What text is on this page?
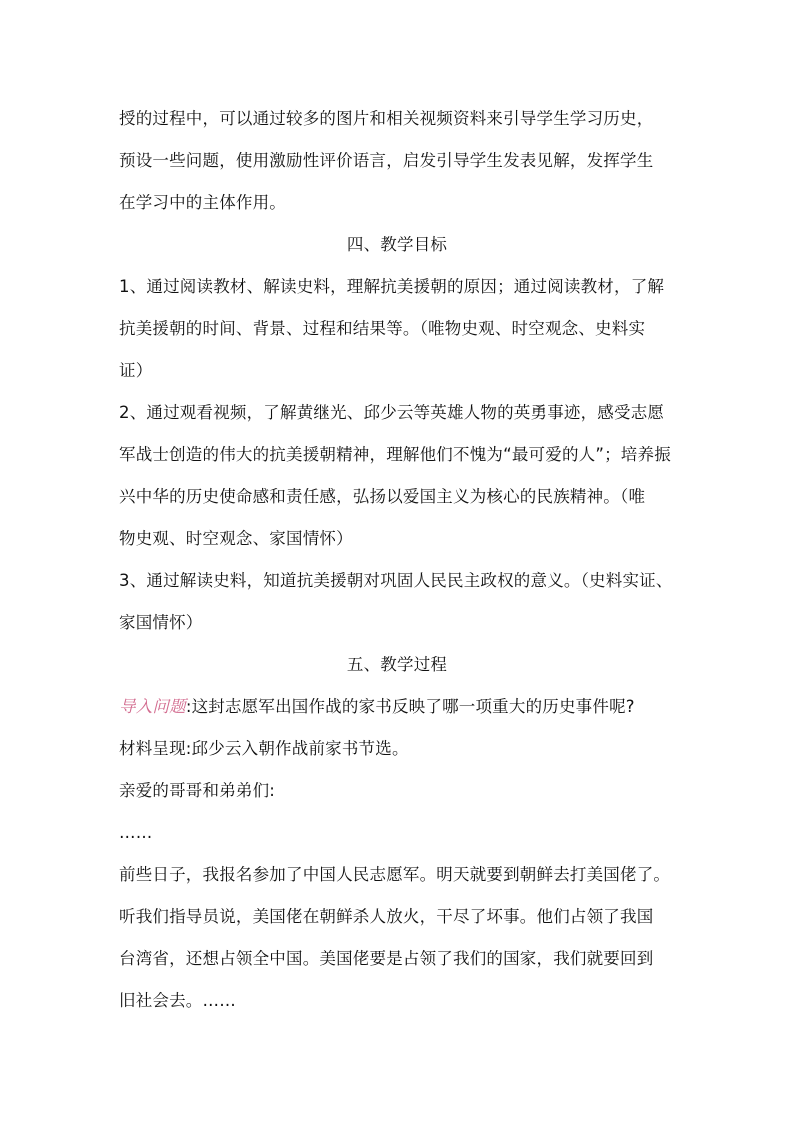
授的过程中，可以通过较多的图片和相关视频资料来引导学生学习历史，

预设一些问题，使用激励性评价语言，启发引导学生发表见解，发挥学生

在学习中的主体作用。

四、教学目标

1、通过阅读教材、解读史料，理解抗美援朝的原因；通过阅读教材，了解

抗美援朝的时间、背景、过程和结果等。（唯物史观、时空观念、史料实

证）

2、通过观看视频，了解黄继光、邱少云等英雄人物的英勇事迹，感受志愿

军战士创造的伟大的抗美援朝精神，理解他们不愧为“最可爱的人”；培养振

兴中华的历史使命感和责任感，弘扬以爱国主义为核心的民族精神。（唯

物史观、时空观念、家国情怀）

3、通过解读史料，知道抗美援朝对巩固人民民主政权的意义。（史料实证、

家国情怀）

五、教学过程

导入问题:这封志愿军出国作战的家书反映了哪一项重大的历史事件呢?

材料呈现:邱少云入朝作战前家书节选。

亲爱的哥哥和弟弟们:

……

前些日子，我报名参加了中国人民志愿军。明天就要到朝鲜去打美国佬了。

听我们指导员说，美国佬在朝鲜杀人放火，干尽了坏事。他们占领了我国

台湾省，还想占领全中国。美国佬要是占领了我们的国家，我们就要回到

旧社会去。……
